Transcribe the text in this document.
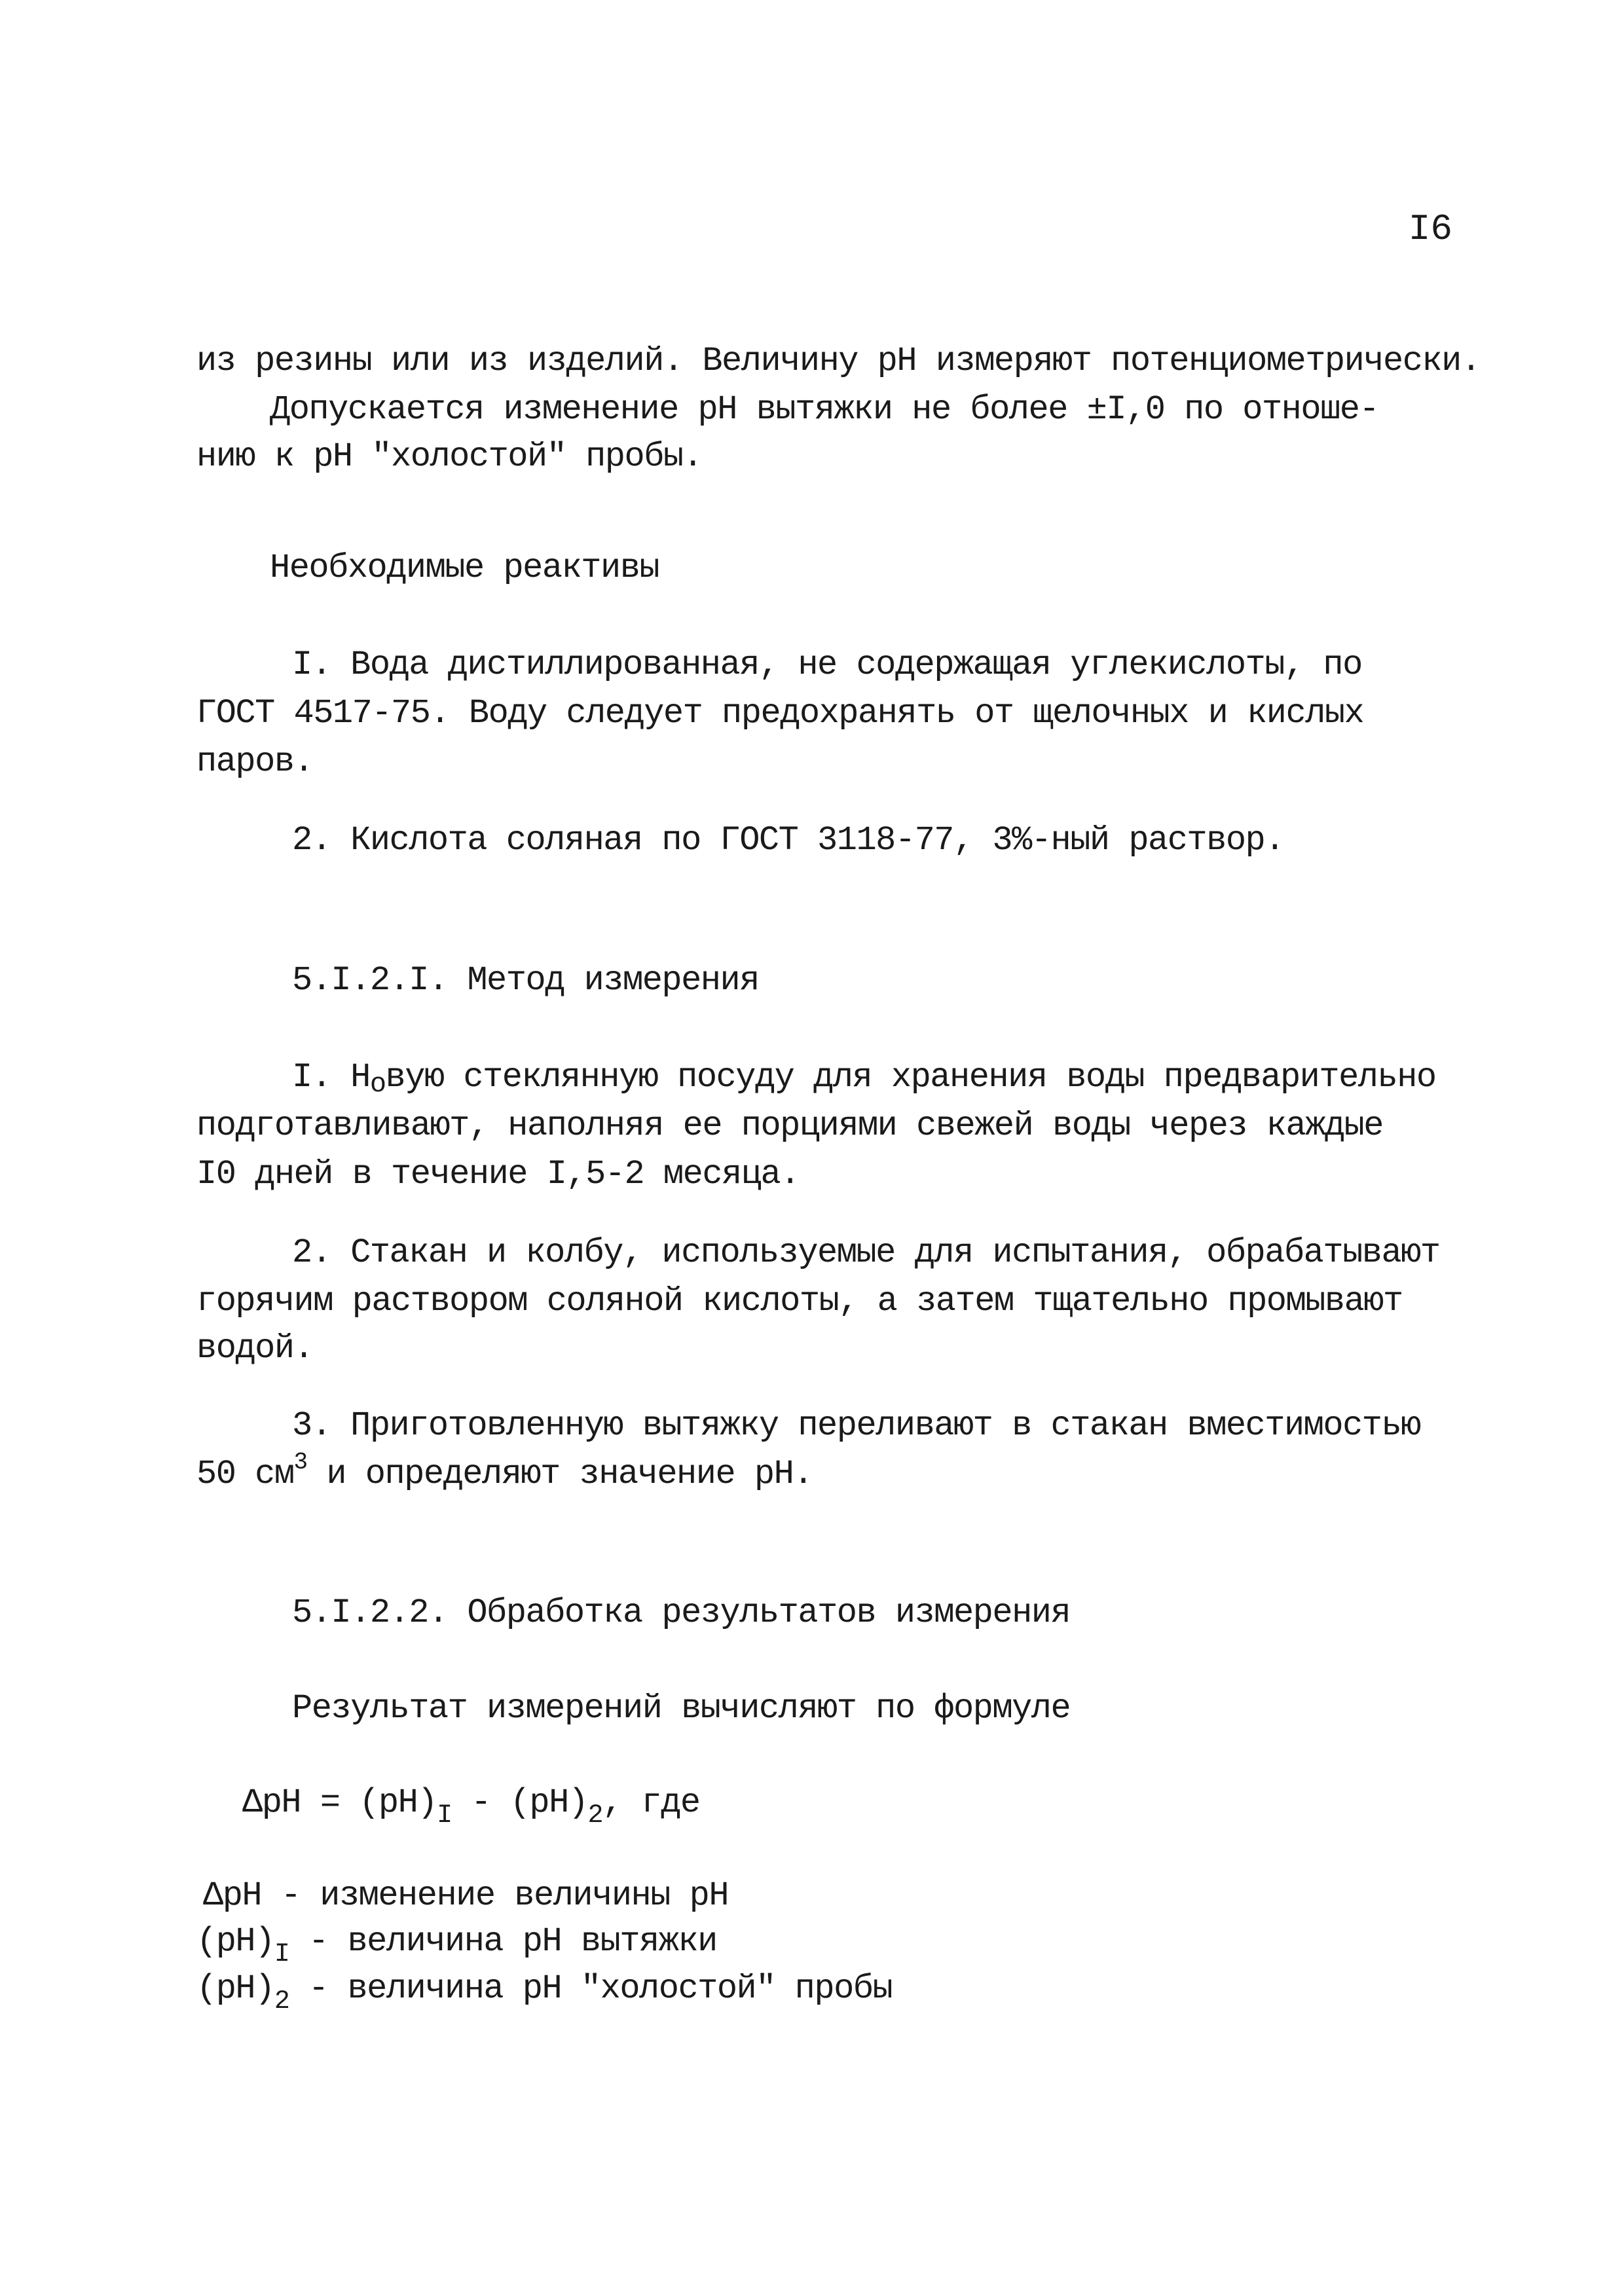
I6
из резины или из изделий. Величину pH измеряют потенциометрически.
Допускается изменение pH вытяжки не более ±I,0 по отноше-
нию к pH "холостой" пробы.
Необходимые реактивы
I. Вода дистиллированная, не содержащая углекислоты, по
ГОСТ 4517-75. Воду следует предохранять от щелочных и кислых
паров.
2. Кислота соляная по ГОСТ 3118-77, 3%-ный раствор.
5.I.2.I. Метод измерения
I. Новую стеклянную посуду для хранения воды предварительно
подготавливают, наполняя ее порциями свежей воды через каждые
I0 дней в течение I,5-2 месяца.
2. Стакан и колбу, используемые для испытания, обрабатывают
горячим раствором соляной кислоты, а затем тщательно промывают
водой.
3. Приготовленную вытяжку переливают в стакан вместимостью
50 $см^3$ и определяют значение pH.
5.I.2.2. Обработка результатов измерения
Результат измерений вычисляют по формуле
$\Delta pH = (pH)_I - (pH)_2$, где
ΔpH - изменение величины pH
$(pH)_I$ - величина pH вытяжки
$(pH)_2$ - величина pH "холостой" пробы
